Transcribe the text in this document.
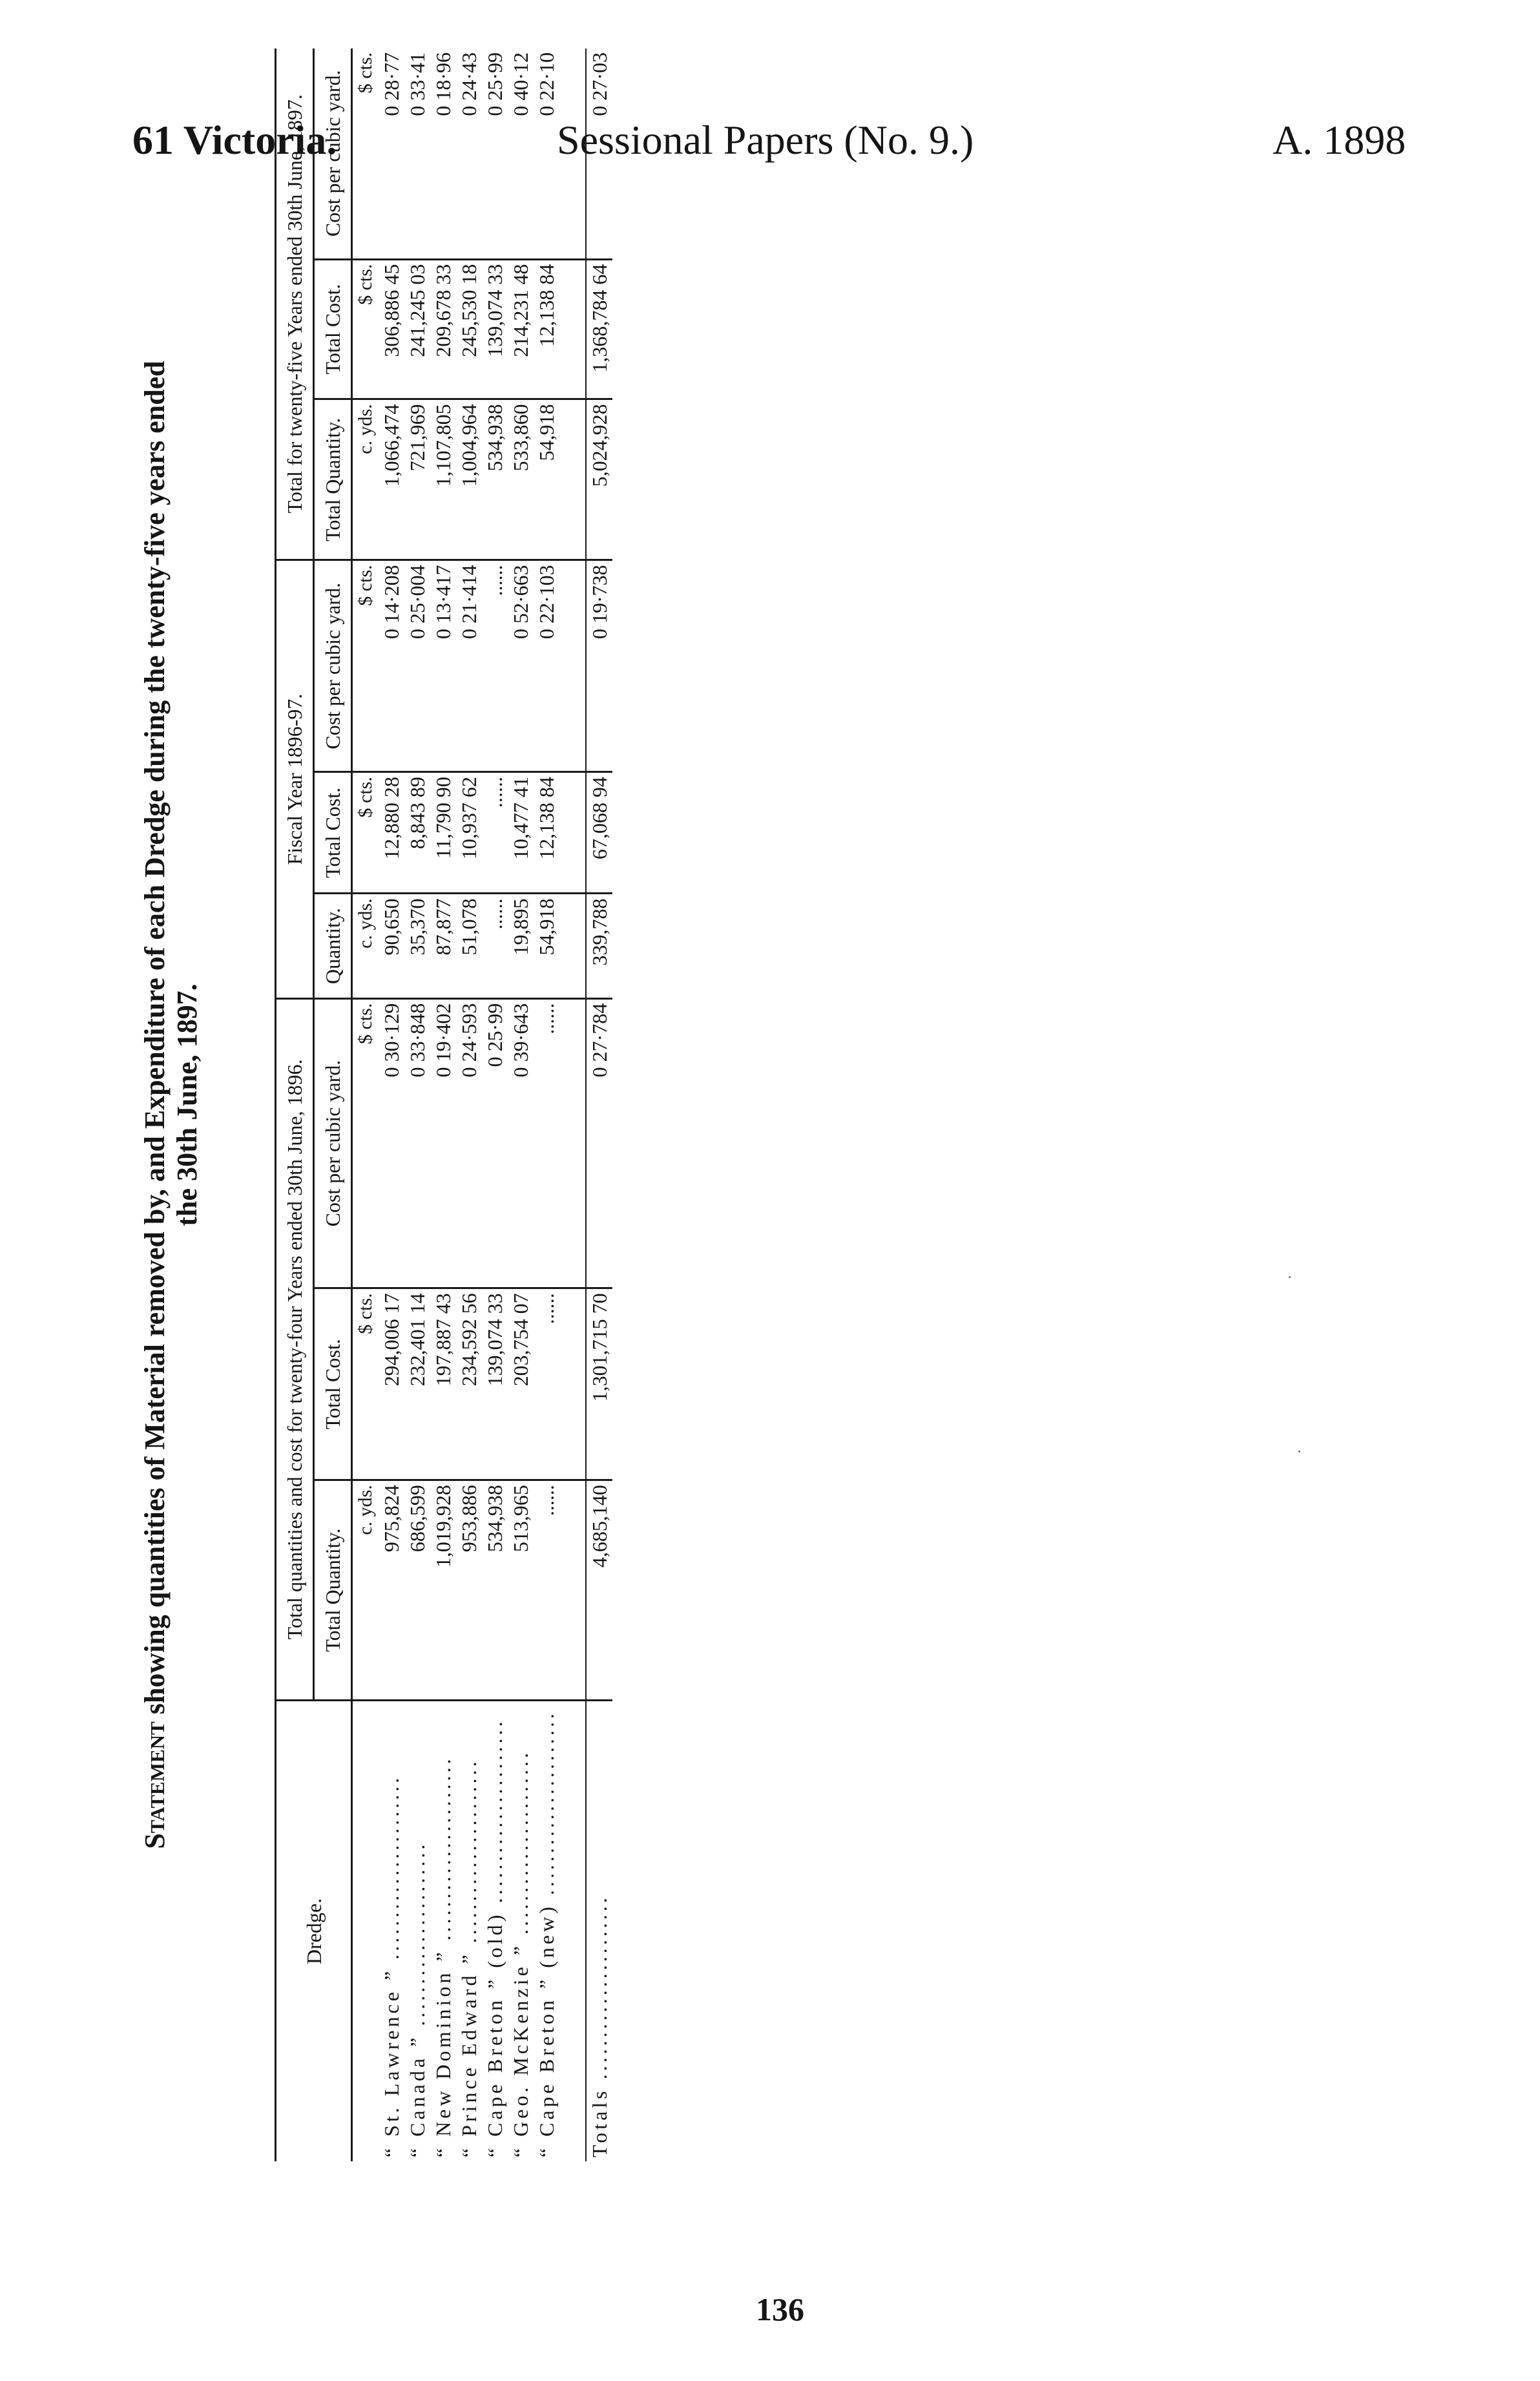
61 Victoria.	Sessional Papers (No. 9.)	A. 1898
Statement showing quantities of Material removed by, and Expenditure of each Dredge during the twenty-five years ended
the 30th June, 1897.
Dredge.	Total quantities and cost for twenty-four Years ended 30th June, 1896.			Fiscal Year 1896-97.			Total for twenty-five Years ended 30th June, 1897.		
	Total Quantity.	Total Cost.	Cost per cubic yard.	Quantity.	Total Cost.	Cost per cubic yard.	Total Quantity.	Total Cost.	Cost per cubic yard.
	c. yds.	$ cts.	$ cts.	c. yds.	$ cts.	$ cts.	c. yds.	$ cts.	$ cts.
“ St. Lawrence ” ......................	975,824	294,006 17	0 30·129	90,650	12,880 28	0 14·208	1,066,474	306,886 45	0 28·77
“ Canada ” ......................	686,599	232,401 14	0 33·848	35,370	8,843 89	0 25·004	721,969	241,245 03	0 33·41
“ New Dominion ” ......................	1,019,928	197,887 43	0 19·402	87,877	11,790 90	0 13·417	1,107,805	209,678 33	0 18·96
“ Prince Edward ” ......................	953,886	234,592 56	0 24·593	51,078	10,937 62	0 21·414	1,004,964	245,530 18	0 24·43
“ Cape Breton ” (old) ......................	534,938	139,074 33	0 25·99	......	......	......	534,938	139,074 33	0 25·99
“ Geo. McKenzie ” ......................	513,965	203,754 07	0 39·643	19,895	10,477 41	0 52·663	533,860	214,231 48	0 40·12
“ Cape Breton ” (new) ......................	......	......	......	54,918	12,138 84	0 22·103	54,918	12,138 84	0 22·10

Totals ......................	4,685,140	1,301,715 70	0 27·784	339,788	67,068 94	0 19·738	5,024,928	1,368,784 64	0 27·03
136
